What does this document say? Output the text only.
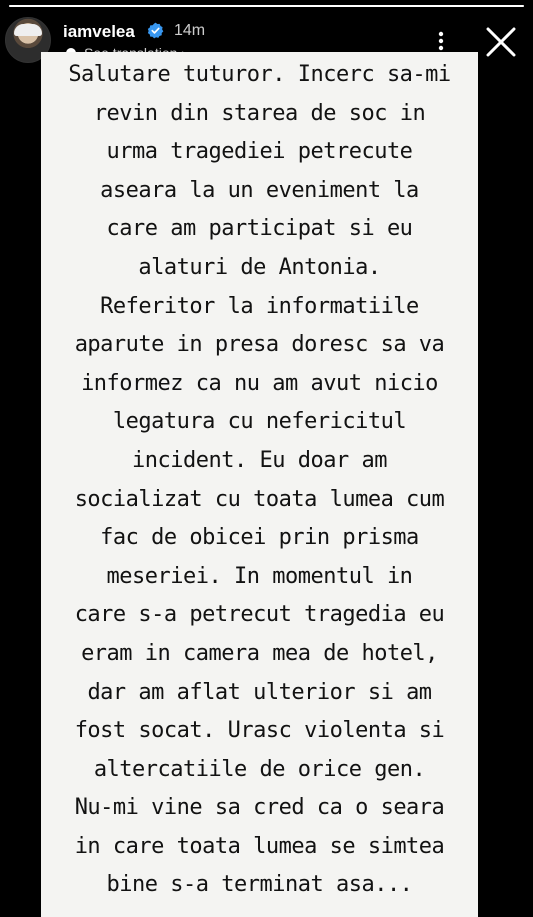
iamvelea 14m

Salutare tuturor. Incerc sa-mi
revin din starea de soc in
urma tragediei petrecute
aseara la un eveniment la
care am participat si eu
alaturi de Antonia.
Referitor la informatiile
aparute in presa doresc sa va
informez ca nu am avut nicio
legatura cu nefericitul
incident. Eu doar am
socializat cu toata lumea cum
fac de obicei prin prisma
meseriei. In momentul in
care s-a petrecut tragedia eu
eram in camera mea de hotel,
dar am aflat ulterior si am
fost socat. Urasc violenta si
altercatiile de orice gen.
Nu-mi vine sa cred ca o seara
in care toata lumea se simtea
bine s-a terminat asa...
